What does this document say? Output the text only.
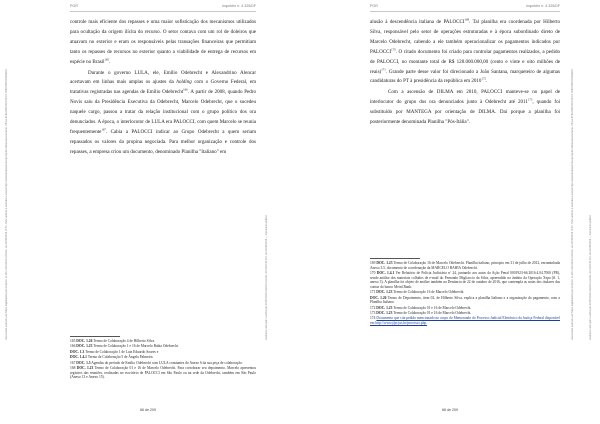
PGR	Inquérito n. 4.325/DF

controle mais eficiente dos repasses e uma maior sofisticação dos mecanismos utilizados para ocultação da origem ilícita do recurso. O setor contava com um rol de doleiros que atuavam no exterior e eram os responsáveis pelas transações financeiras que permitiam tanto os repasses de recursos no exterior quanto a viabilidade de entrega de recursos em espécie no Brasil$^{165}$.

Durante o governo LULA, ele, Emílio Odebrecht e Alexandrino Alencar acertavam em linhas mais amplas os ajustes da holding com o Governo Federal, em tratativas registradas nas agendas de Emílio Odebrecht$^{166}$. A partir de 2008, quando Pedro Novis saiu da Presidência Executiva da Odebrecht, Marcelo Odebrecht, que o sucedeu naquele cargo, passou a tratar da relação institucional com o grupo político dos ora denunciados. A época, o interlocutor de LULA era PALOCCI, com quem Marcelo se reunia frequentemente$^{167}$. Cabia a PALOCCI indicar ao Grupo Odebrecht a quem seriam repassados os valores da propina negociada. Para melhor organização e controle dos repasses, a empresa criou um documento, denominado Planilha "Italiano" em

165 DOC. 1.26 Termo de Colaboração 4 de Hilberto Silva.
166 DOC. 1.23 Termo de Colaboração 1 e 16 de Marcelo Bahia Odebrecht.
DOC. 1.3 Termo de Colaboração 1 de Luiz Eduardo Soares e
DOC. 1.4.1 Termo de Colaboração 5 de Ângela Palmeira.
167 DOC. 1.5 Agendas do período de Emílio Odebrecht com LULA constantes do Anexo 6 da sua peça de colaboração.
168 DOC. 1.23 Termo de Colaboração 01 e 16 de Marcelo Odebrecht. Para corroborar seu depoimento, Marcelo apresentou registros das reuniões, realizadas no escritório de PALOCCI em São Paulo ou na sede da Odebrecht, também em São Paulo (Anexo 13 e Anexo 15).
66 de 209
Documento assinado via Token digitalmente por RAQUEL ELIAS FERREIRA DODGE, em 04/09/2018 14:51. Para verificar a assinatura acesse http://www.transparencia.mpf.mp.br/validacaodocumento. Chave 8C9AFAB6.5E4F0C1D.D3B24B6B.9C8A8A7E	Assinado com login e senha por SUBPROCURADOR-GERAL DA REPÚBLICA, em 04/09/2018 — documento público
PGR	Inquérito n. 4.325/DF

alusão à descendência italiana de PALOCCI$^{169}$. Tal planilha era coordenada por Hilberto Silva, responsável pelo setor de operações estruturadas e à época subordinado direto de Marcelo Odebrecht, cabendo a ele também operacionalizar os pagamentos indicados por PALOCCI$^{170}$. O citado documento foi criado para controlar pagamentos realizados, a pedido de PALOCCI, no montante total de R$ 128.000.000,00 (cento e vinte e oito milhões de reais)$^{171}$. Grande parte desse valor foi direcionado a João Santana, marqueteiro de algumas candidaturas do PT à presidência da república em 2010$^{172}$.

Com a ascensão de DILMA em 2010, PALOCCI manteve-se no papel de interlocutor do grupo dos ora denunciados junto à Odebrecht até 2011$^{173}$, quando foi substituído por MANTEGA por orientação de DILMA. Daí porque a planilha foi posteriormente denominada Planilha "Pós-Itália".

169 DOC. 1.23 Termo de Colaboração 16 de Marcelo Odebrecht. Planilha italiano, principio em 31 de julho de 2012, encaminhada Anexo 3.5, documento de coordenação da MARCELO BAHIA Odebrecht.
170 DOC. 1.4.1 Ver Relatório de Polícia Judiciária nº 24, juntando aos autos da Ação Penal 0001923-66.2016.4.04.7000 (PR), sendo análise dos materiais colhidos de e-mail do Fernando Migliaccio da Silva, apreendido no âmbito da Operação Xepa (fl. 1, anexo 3). A planilha foi objeto de análise também na Denúncia de 22 de outubro de 2016, que contempla as notas dos titulares das contas do banco Meinl Bank.
171 DOC. 1.23 Termo de Colaboração 16 de Marcelo Odebrecht.
DOC. 1.26 Termo de Depoimento, item 02, de Hilberto Silva, explica a planilha Italiano e a organização do pagamento, com a Planilha Italiano.
172 DOC. 1.23 Termo de Colaboração 01 e 16 de Marcelo Odebrecht.
173 DOC. 1.23 Termo de Colaboração 01 e 16 de Marcelo Odebrecht.
174 Documento que cita pedido mencionado no corpo do Memorando do Processo Judicial Eletrônico da Justiça Federal disponível em http://www.jfpr.jus.br/processo.php.
66 de 209
Documento assinado via Token digitalmente por RAQUEL ELIAS FERREIRA DODGE, em 04/09/2018 14:51. Para verificar a assinatura acesse http://www.transparencia.mpf.mp.br/validacaodocumento. Chave 8C9AFAB6.5E4F0C1D.D3B24B6B.9C8A8A7E	Assinado com login e senha por SUBPROCURADOR-GERAL DA REPÚBLICA, em 04/09/2018 — documento público
